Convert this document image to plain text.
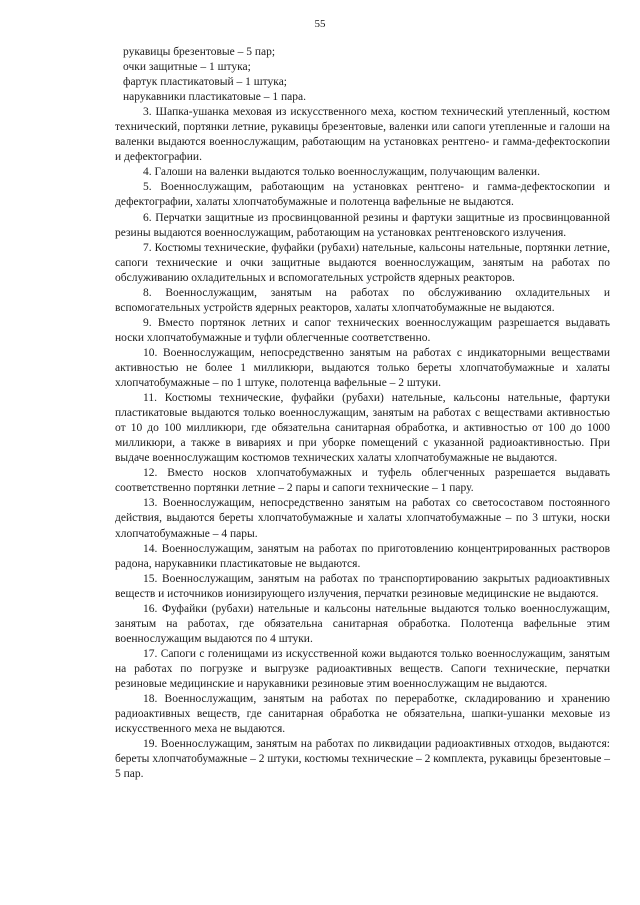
55

рукавицы брезентовые – 5 пар;

очки защитные – 1 штука;

фартук пластикатовый – 1 штука;

нарукавники пластикатовые – 1 пара.

3. Шапка-ушанка меховая из искусственного меха, костюм технический утепленный, костюм технический, портянки летние, рукавицы брезентовые, валенки или сапоги утепленные и галоши на валенки выдаются военнослужащим, работающим на установках рентгено- и гамма-дефектоскопии и дефектографии.

4. Галоши на валенки выдаются только военнослужащим, получающим валенки.

5. Военнослужащим, работающим на установках рентгено- и гамма-дефектоскопии и дефектографии, халаты хлопчатобумажные и полотенца вафельные не выдаются.

6. Перчатки защитные из просвинцованной резины и фартуки защитные из просвинцованной резины выдаются военнослужащим, работающим на установках рентгеновского излучения.

7. Костюмы технические, фуфайки (рубахи) нательные, кальсоны нательные, портянки летние, сапоги технические и очки защитные выдаются военнослужащим, занятым на работах по обслуживанию охладительных и вспомогательных устройств ядерных реакторов.

8. Военнослужащим, занятым на работах по обслуживанию охладительных и вспомогательных устройств ядерных реакторов, халаты хлопчатобумажные не выдаются.

9. Вместо портянок летних и сапог технических военнослужащим разрешается выдавать носки хлопчатобумажные и туфли облегченные соответственно.

10. Военнослужащим, непосредственно занятым на работах с индикаторными веществами активностью не более 1 милликюри, выдаются только береты хлопчатобумажные и халаты хлопчатобумажные – по 1 штуке, полотенца вафельные – 2 штуки.

11. Костюмы технические, фуфайки (рубахи) нательные, кальсоны нательные, фартуки пластикатовые выдаются только военнослужащим, занятым на работах с веществами активностью от 10 до 100 милликюри, где обязательна санитарная обработка, и активностью от 100 до 1000 милликюри, а также в вивариях и при уборке помещений с указанной радиоактивностью. При выдаче военнослужащим костюмов технических халаты хлопчатобумажные не выдаются.

12. Вместо носков хлопчатобумажных и туфель облегченных разрешается выдавать соответственно портянки летние – 2 пары и сапоги технические – 1 пару.

13. Военнослужащим, непосредственно занятым на работах со светосоставом постоянного действия, выдаются береты хлопчатобумажные и халаты хлопчатобумажные – по 3 штуки, носки хлопчатобумажные – 4 пары.

14. Военнослужащим, занятым на работах по приготовлению концентрированных растворов радона, нарукавники пластикатовые не выдаются.

15. Военнослужащим, занятым на работах по транспортированию закрытых радиоактивных веществ и источников ионизирующего излучения, перчатки резиновые медицинские не выдаются.

16. Фуфайки (рубахи) нательные и кальсоны нательные выдаются только военнослужащим, занятым на работах, где обязательна санитарная обработка. Полотенца вафельные этим военнослужащим выдаются по 4 штуки.

17. Сапоги с голенищами из искусственной кожи выдаются только военнослужащим, занятым на работах по погрузке и выгрузке радиоактивных веществ. Сапоги технические, перчатки резиновые медицинские и нарукавники резиновые этим военнослужащим не выдаются.

18. Военнослужащим, занятым на работах по переработке, складированию и хранению радиоактивных веществ, где санитарная обработка не обязательна, шапки-ушанки меховые из искусственного меха не выдаются.

19. Военнослужащим, занятым на работах по ликвидации радиоактивных отходов, выдаются: береты хлопчатобумажные – 2 штуки, костюмы технические – 2 комплекта, рукавицы брезентовые – 5 пар.
